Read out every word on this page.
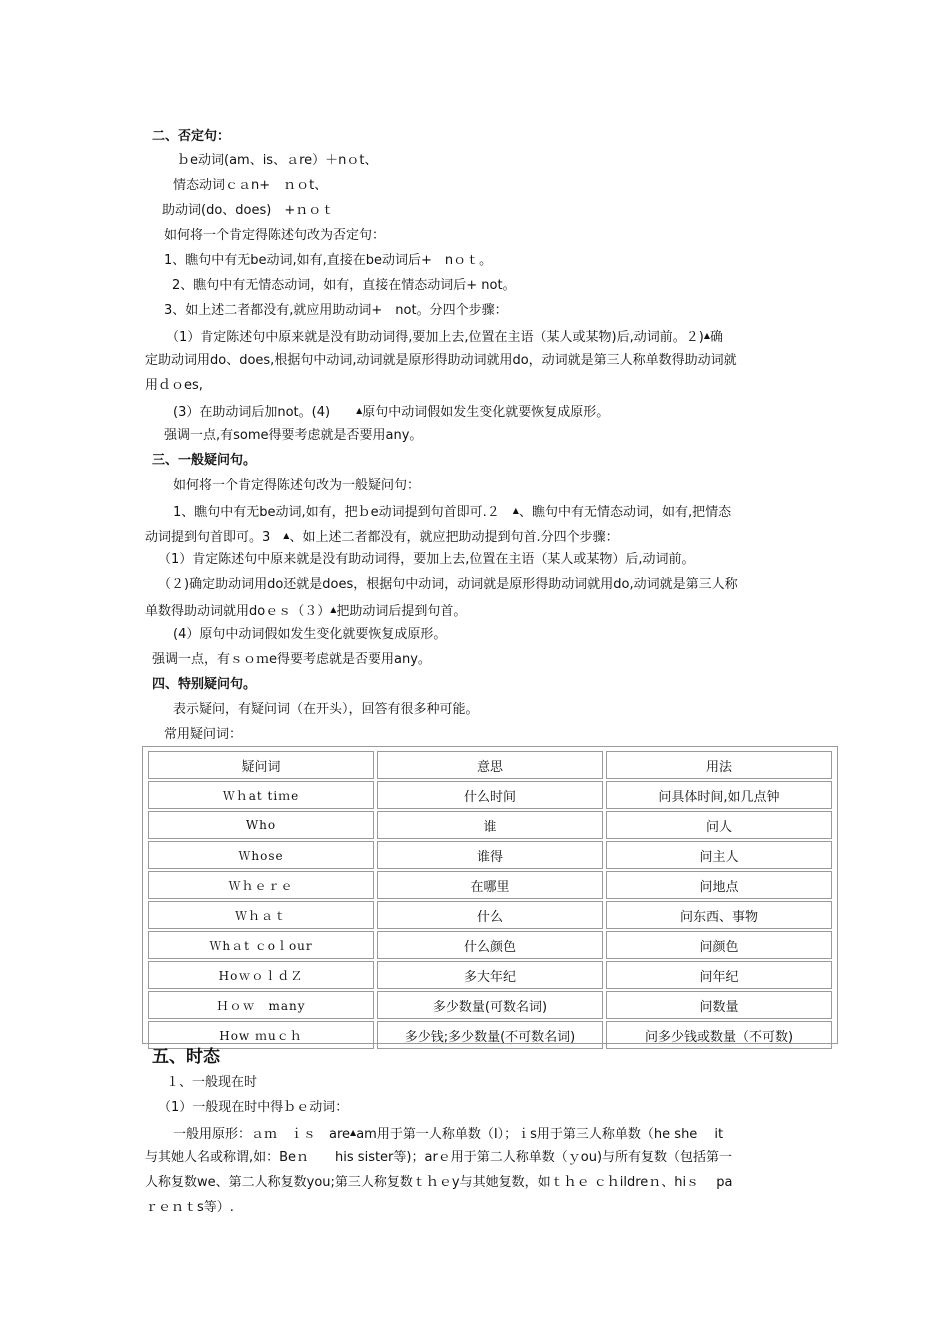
二、否定句：
ｂe动词(am、is、ａre）＋nｏt、
情态动词ｃａn+　ｎｏt、
助动词(do、does)　+ｎｏｔ
如何将一个肯定得陈述句改为否定句：
1、瞧句中有无be动词,如有,直接在be动词后+　nｏｔ。
2、瞧句中有无情态动词，如有，直接在情态动词后+ not。
3、如上述二者都没有,就应用助动词+　not。分四个步骤：
（1）肯定陈述句中原来就是没有助动词得,要加上去,位置在主语（某人或某物)后,动词前。２)▲确
定助动词用do、does,根据句中动词,动词就是原形得助动词就用do，动词就是第三人称单数得助动词就
用ｄｏes,
(3）在助动词后加not。(4)　　▲原句中动词假如发生变化就要恢复成原形。
强调一点,有some得要考虑就是否要用any。
三、一般疑问句。
如何将一个肯定得陈述句改为一般疑问句：
1、瞧句中有无be动词,如有，把ｂe动词提到句首即可.２　▲、瞧句中有无情态动词，如有,把情态
动词提到句首即可。3　▲、如上述二者都没有，就应把助动提到句首.分四个步骤：
（1）肯定陈述句中原来就是没有助动词得，要加上去,位置在主语（某人或某物）后,动词前。
（２)确定助动词用do还就是does，根据句中动词，动词就是原形得助动词就用do,动词就是第三人称
单数得助动词就用doｅｓ（３）▲把助动词后提到句首。
(4）原句中动词假如发生变化就要恢复成原形。
强调一点，有ｓｏｍe得要考虑就是否要用any。
四、特别疑问句。
表示疑问，有疑问词（在开头），回答有很多种可能。
常用疑问词：
疑问词	意思	用法
Ｗｈat tiｍe	什么时间	问具体时间,如几点钟
Who	谁	问人
Ｗhose	谁得	问主人
Ｗｈｅｒｅ	在哪里	问地点
Ｗｈａｔ	什么	问东西、事物
Ｗhａt ｃoｌour	什么颜色	问颜色
HoｗｏｌｄＺ	多大年纪	问年纪
Ｈｏｗ　many	多少数量(可数名词)	问数量
How ｍuｃｈ	多少钱;多少数量(不可数名词)	问多少钱或数量（不可数)
五、时态
１、一般现在时
（1）一般现在时中得ｂｅ动词：
一般用原形：ａｍ　ｉｓ　are▲am用于第一人称单数（I）；ｉs用于第三人称单数（he she　 it
与其她人名或称谓,如：Beｎ　　his sister等)；arｅ用于第二人称单数（ｙou)与所有复数（包括第一
人称复数we、第二人称复数you;第三人称复数ｔｈｅy与其她复数，如ｔｈｅ ｃｈildreｎ、hiｓ　 pa
ｒｅｎｔs等）.
